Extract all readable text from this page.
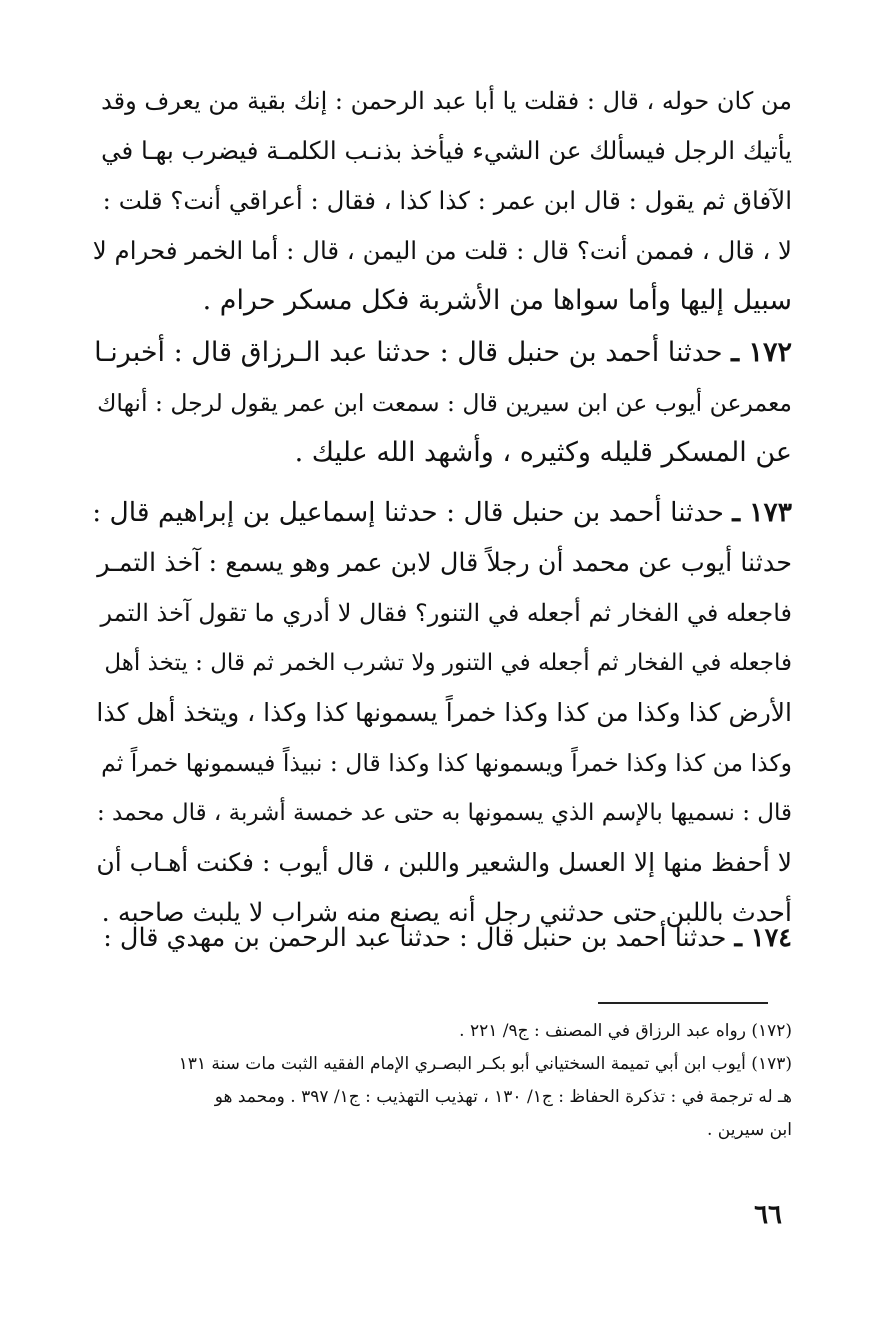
من كان حوله ، قال : فقلت يا أبا عبد الرحمن : إنك بقية من يعرف وقد
يأتيك الرجل فيسألك عن الشيء فيأخذ بذنـب الكلمـة فيضرب بهـا في
الآفاق ثم يقول : قال ابن عمر : كذا كذا ، فقال : أعراقي أنت؟ قلت :
لا ، قال ، فممن أنت؟ قال : قلت من اليمن ، قال : أما الخمر فحرام لا
سبيل إليها وأما سواها من الأشربة فكل مسكر حرام .
١٧٢ ـ حدثنا أحمد بن حنبل قال : حدثنا عبد الـرزاق قال : أخبرنـا
معمرعن أيوب عن ابن سيرين قال : سمعت ابن عمر يقول لرجل : أنهاك
عن المسكر قليله وكثيره ، وأشهد الله عليك .
١٧٣ ـ حدثنا أحمد بن حنبل قال : حدثنا إسماعيل بن إبراهيم قال :
حدثنا أيوب عن محمد أن رجلاً قال لابن عمر وهو يسمع : آخذ التمـر
فاجعله في الفخار ثم أجعله في التنور؟ فقال لا أدري ما تقول آخذ التمر
فاجعله في الفخار ثم أجعله في التنور ولا تشرب الخمر ثم قال : يتخذ أهل
الأرض كذا وكذا من كذا وكذا خمراً يسمونها كذا وكذا ، ويتخذ أهل كذا
وكذا من كذا وكذا خمراً ويسمونها كذا وكذا قال : نبيذاً فيسمونها خمراً ثم
قال : نسميها بالإسم الذي يسمونها به حتى عد خمسة أشربة ، قال محمد :
لا أحفظ منها إلا العسل والشعير واللبن ، قال أيوب : فكنت أهـاب أن
أحدث باللبن حتى حدثني رجل أنه يصنع منه شراب لا يلبث صاحبه .
١٧٤ ـ حدثنا أحمد بن حنبل قال : حدثنا عبد الرحمن بن مهدي قال :
(١٧٢) رواه عبد الرزاق في المصنف : ج٩/ ٢٢١ .
(١٧٣) أيوب ابن أبي تميمة السختياني أبو بكـر البصـري الإمام الفقيه الثبت مات سنة ١٣١
هـ له ترجمة في : تذكرة الحفاظ : ج١/ ١٣٠ ، تهذيب التهذيب : ج١/ ٣٩٧ . ومحمد هو
ابن سيرين .
٦٦
